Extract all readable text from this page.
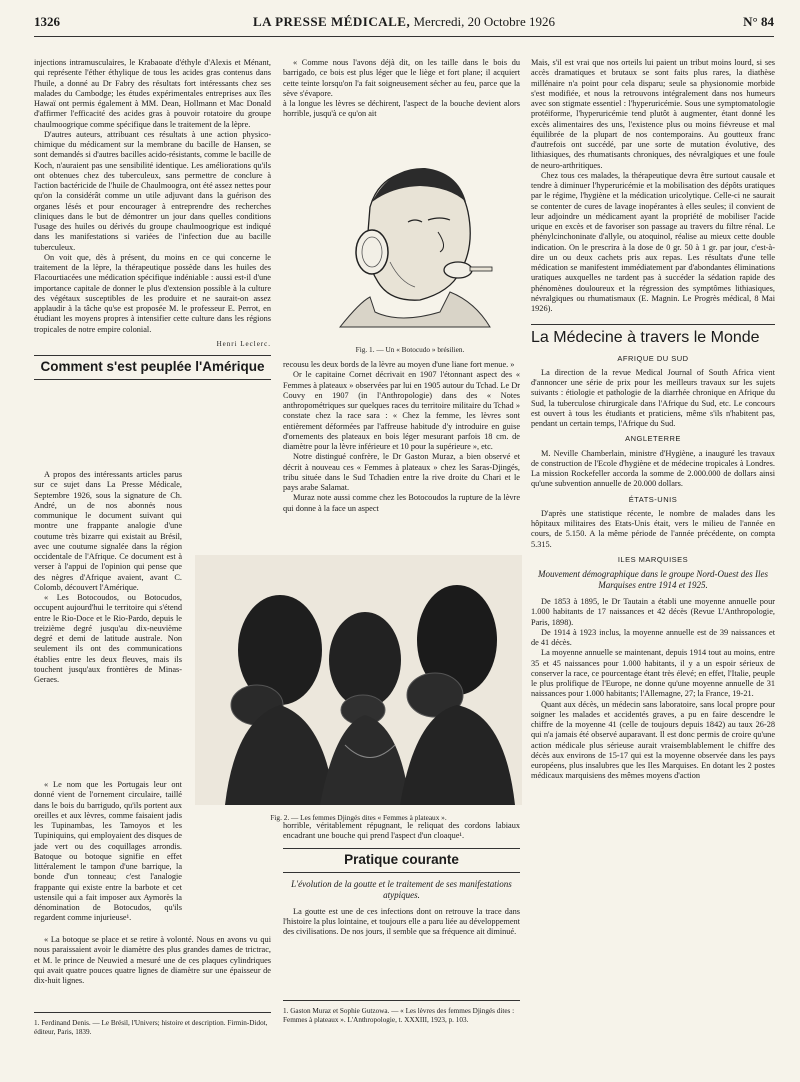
1326	LA PRESSE MÉDICALE, Mercredi, 20 Octobre 1926	N° 84

injections intramusculaires, le Krabaoate d'éthyle d'Alexis et Ménant, qui représente l'éther éthylique de tous les acides gras contenus dans l'huile, a donné au Dr Fabry des résultats fort intéressants chez ses malades du Cambodge; les études expérimentales entreprises aux îles Hawaï ont permis également à MM. Dean, Hollmann et Mac Donald d'affirmer l'efficacité des acides gras à pouvoir rotatoire du groupe chaulmoogrique comme spécifique dans le traitement de la lèpre.

D'autres auteurs, attribuant ces résultats à une action physico-chimique du médicament sur la membrane du bacille de Hansen, se sont demandés si d'autres bacilles acido-résistants, comme le bacille de Koch, n'auraient pas une sensibilité identique. Les améliorations qu'ils ont obtenues chez des tuberculeux, sans permettre de conclure à l'action bactéricide de l'huile de Chaulmoogra, ont été assez nettes pour qu'on la considérât comme un utile adjuvant dans la guérison des organes lésés et pour encourager à entreprendre des recherches cliniques dans le but de démontrer un jour dans quelles conditions l'usage des huiles ou dérivés du groupe chaulmoogrique est indiqué dans les manifestations si variées de l'infection due au bacille tuberculeux.

On voit que, dès à présent, du moins en ce qui concerne le traitement de la lèpre, la thérapeutique possède dans les huiles des Flacourtiacées une médication spécifique indéniable : aussi est-il d'une importance capitale de donner le plus d'extension possible à la culture des végétaux susceptibles de les produire et ne saurait-on assez applaudir à la tâche qu'se est proposée M. le professeur E. Perrot, en étudiant les moyens propres à intensifier cette culture dans les régions tropicales de notre empire colonial.

Henri Leclerc.
Comment s'est peuplée l'Amérique

A propos des intéressants articles parus sur ce sujet dans La Presse Médicale, Septembre 1926, sous la signature de Ch. André, un de nos abonnés nous communique le document suivant qui montre une frappante analogie d'une coutume très bizarre qui existait au Brésil, avec une coutume signalée dans la région occidentale de l'Afrique. Ce document est à verser à l'appui de l'opinion qui pense que des nègres d'Afrique avaient, avant C. Colomb, découvert l'Amérique.

« Les Botocoudos, ou Botocudos, occupent aujourd'hui le territoire qui s'étend entre le Rio-Doce et le Rio-Pardo, depuis le treizième degré jusqu'au dix-neuvième degré et demi de latitude australe. Non seulement ils ont des communications établies entre les deux fleuves, mais ils touchent jusqu'aux frontières de Minas-Geraes.

« Le nom que les Portugais leur ont donné vient de l'ornement circulaire, taillé dans le bois du barrigudo, qu'ils portent aux oreilles et aux lèvres, comme faisaient jadis les Tupinambas, les Tamoyos et les Tupiniquins, qui employaient des disques de jade vert ou des coquillages arrondis. Batoque ou botoque signifie en effet littéralement le tampon d'une barrique, la bonde d'un tonneau; c'est l'analogie frappante qui existe entre la barbote et cet ustensile qui a fait imposer aux Aymorès la dénomination de Botocudos, qu'ils regardent comme injurieuse¹.

« La botoque se place et se retire à volonté. Nous en avons vu qui nous paraissaient avoir le diamètre des plus grandes dames de trictrac, et M. le prince de Neuwied a mesuré une de ces plaques cylindriques qui avait quatre pouces quatre lignes de diamètre sur une épaisseur de dix-huit lignes.

1. Ferdinand Denis. — Le Brésil, l'Univers; histoire et description. Firmin-Didot, éditeur, Paris, 1839.

« Comme nous l'avons déjà dit, on les taille dans le bois du barrigado, ce bois est plus léger que le liège et fort plane; il acquiert cette teinte lorsqu'on l'a fait soigneusement sécher au feu, parce que la sève s'évapore.

à la longue les lèvres se déchirent, l'aspect de la bouche devient alors horrible, jusqu'à ce qu'on ait

Fig. 1. — Un « Botocudo » brésilien.

recousu les deux bords de la lèvre au moyen d'une liane fort menue. »

Or le capitaine Cornet décrivait en 1907 l'étonnant aspect des « Femmes à plateaux » observées par lui en 1905 autour du Tchad. Le Dr Couvy en 1907 (in l'Anthropologie) dans des « Notes anthropométriques sur quelques races du territoire militaire du Tchad » constate chez la race sara : « Chez la femme, les lèvres sont entièrement déformées par l'affreuse habitude d'y introduire en guise d'ornements des plateaux en bois léger mesurant parfois 18 cm. de diamètre pour la lèvre inférieure et 10 pour la supérieure », etc.

Notre distingué confrère, le Dr Gaston Muraz, a bien observé et décrit à nouveau ces « Femmes à plateaux » chez les Saras-Djingés, tribu située dans le Sud Tchadien entre la rive droite du Chari et le pays arabe Salamat.

Muraz note aussi comme chez les Botocoudos la rupture de la lèvre qui donne à la face un aspect

Fig. 2. — Les femmes Djingés dites « Femmes à plateaux ».

horrible, véritablement répugnant, le reliquat des cordons labiaux encadrant une bouche qui prend l'aspect d'un cloaque¹.

Pratique courante
L'évolution de la goutte et le traitement de ses manifestations atypiques.

La goutte est une de ces infections dont on retrouve la trace dans l'histoire la plus lointaine, et toujours elle a paru liée au développement des civilisations. De nos jours, il semble que sa fréquence ait diminué.

1. Gaston Muraz et Sophie Gutzowa. — « Les lèvres des femmes Djingés dites : Femmes à plateaux ». L'Anthropologie, t. XXXIII, 1923, p. 103.

Mais, s'il est vrai que nos orteils lui paient un tribut moins lourd, si ses accès dramatiques et brutaux se sont faits plus rares, la diathèse millénaire n'a point pour cela disparu; seule sa physionomie morbide s'est modifiée, et nous la retrouvons intégralement dans nos humeurs avec son stigmate essentiel : l'hyperuricémie. Sous une symptomatologie protéiforme, l'hyperuricémie tend plutôt à augmenter, étant donné les excès alimentaires des uns, l'existence plus ou moins fiévreuse et mal équilibrée de la plupart de nos contemporains. Au goutteux franc d'autrefois ont succédé, par une sorte de mutation évolutive, des lithiasiques, des rhumatisants chroniques, des névralgiques et une foule de neuro-arthritiques.

Chez tous ces malades, la thérapeutique devra être surtout causale et tendre à diminuer l'hyperuricémie et la mobilisation des dépôts uratiques par le régime, l'hygiène et la médication uricolytique. Celle-ci ne saurait se contenter de cures de lavage inopérantes à elles seules; il convient de leur adjoindre un médicament ayant la propriété de mobiliser l'acide urique en excès et de favoriser son passage au travers du filtre rénal. Le phénylcinchoninate d'allyle, ou atoquinol, réalise au mieux cette double indication. On le prescrira à la dose de 0 gr. 50 à 1 gr. par jour, c'est-à-dire un ou deux cachets pris aux repas. Les résultats d'une telle médication se manifestent immédiatement par d'abondantes éliminations uratiques auxquelles ne tardent pas à succéder la sédation rapide des phénomènes douloureux et la régression des symptômes lithiasiques, névralgiques ou rhumatismaux (E. Magnin. Le Progrès médical, 8 Mai 1926).

La Médecine à travers le Monde
AFRIQUE DU SUD

La direction de la revue Medical Journal of South Africa vient d'annoncer une série de prix pour les meilleurs travaux sur les sujets suivants : étiologie et pathologie de la diarrhée chronique en Afrique du Sud, la tuberculose chirurgicale dans l'Afrique du Sud, etc. Le concours est ouvert à tous les étudiants et praticiens, même s'ils n'habitent pas, pendant un certain temps, l'Afrique du Sud.

ANGLETERRE

M. Neville Chamberlain, ministre d'Hygiène, a inauguré les travaux de construction de l'Ecole d'hygiène et de médecine tropicales à Londres. La mission Rockefeller accorda la somme de 2.000.000 de dollars ainsi qu'une subvention annuelle de 20.000 dollars.

ÉTATS-UNIS

D'après une statistique récente, le nombre de malades dans les hôpitaux militaires des Etats-Unis était, vers le milieu de l'année en cours, de 5.150. A la même période de l'année précédente, on compta 5.315.

ILES MARQUISES
Mouvement démographique dans le groupe Nord-Ouest des Iles Marquises entre 1914 et 1925.

De 1853 à 1895, le Dr Tautain a établi une moyenne annuelle pour 1.000 habitants de 17 naissances et 42 décès (Revue L'Anthropologie, Paris, 1898).

De 1914 à 1923 inclus, la moyenne annuelle est de 39 naissances et de 41 décès.

La moyenne annuelle se maintenant, depuis 1914 tout au moins, entre 35 et 45 naissances pour 1.000 habitants, il y a un espoir sérieux de conserver la race, ce pourcentage étant très élevé; en effet, l'Italie, peuple le plus prolifique de l'Europe, ne donne qu'une moyenne annuelle de 31 naissances pour 1.000 habitants; l'Allemagne, 27; la France, 19-21.

Quant aux décès, un médecin sans laboratoire, sans local propre pour soigner les malades et accidentés graves, a pu en faire descendre le chiffre de la moyenne 41 (celle de toujours depuis 1842) au taux 26-28 qui n'a jamais été observé auparavant. Il est donc permis de croire qu'une action médicale plus sérieuse aurait vraisemblablement le chiffre des décès aux environs de 15-17 qui est la moyenne observée dans les pays européens, plus insalubres que les Iles Marquises. En dotant les 2 postes médicaux marquisiens des mêmes moyens d'action
